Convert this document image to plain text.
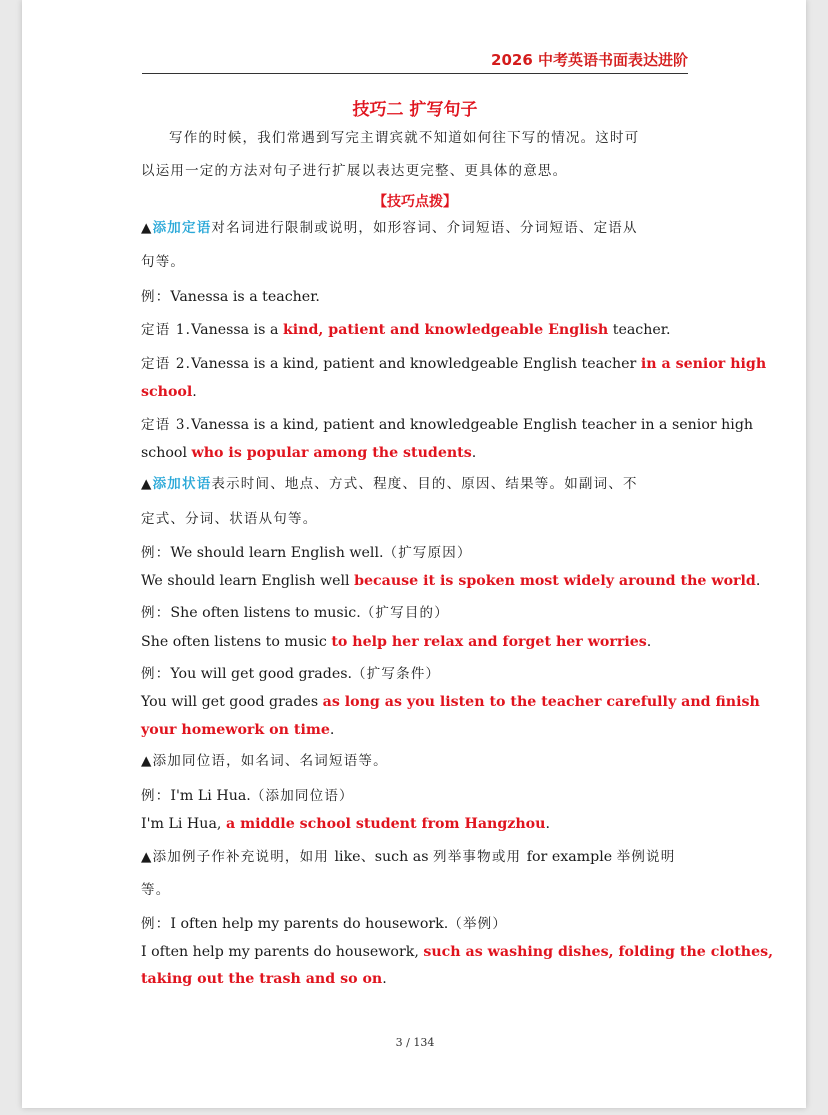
2026 中考英语书面表达进阶
技巧二 扩写句子
写作的时候，我们常遇到写完主谓宾就不知道如何往下写的情况。这时可
以运用一定的方法对句子进行扩展以表达更完整、更具体的意思。
【技巧点拨】
▲添加定语对名词进行限制或说明，如形容词、介词短语、分词短语、定语从
句等。
例：Vanessa is a teacher.
定语 1.Vanessa is a kind, patient and knowledgeable English teacher.
定语 2.Vanessa is a kind, patient and knowledgeable English teacher in a senior high
school.
定语 3.Vanessa is a kind, patient and knowledgeable English teacher in a senior high
school who is popular among the students.
▲添加状语表示时间、地点、方式、程度、目的、原因、结果等。如副词、不
定式、分词、状语从句等。
例：We should learn English well.（扩写原因）
We should learn English well because it is spoken most widely around the world.
例：She often listens to music.（扩写目的）
She often listens to music to help her relax and forget her worries.
例：You will get good grades.（扩写条件）
You will get good grades as long as you listen to the teacher carefully and finish
your homework on time.
▲添加同位语，如名词、名词短语等。
例：I'm Li Hua.（添加同位语）
I'm Li Hua, a middle school student from Hangzhou.
▲添加例子作补充说明，如用 like、such as 列举事物或用 for example 举例说明
等。
例：I often help my parents do housework.（举例）
I often help my parents do housework, such as washing dishes, folding the clothes,
taking out the trash and so on.
3 / 134
